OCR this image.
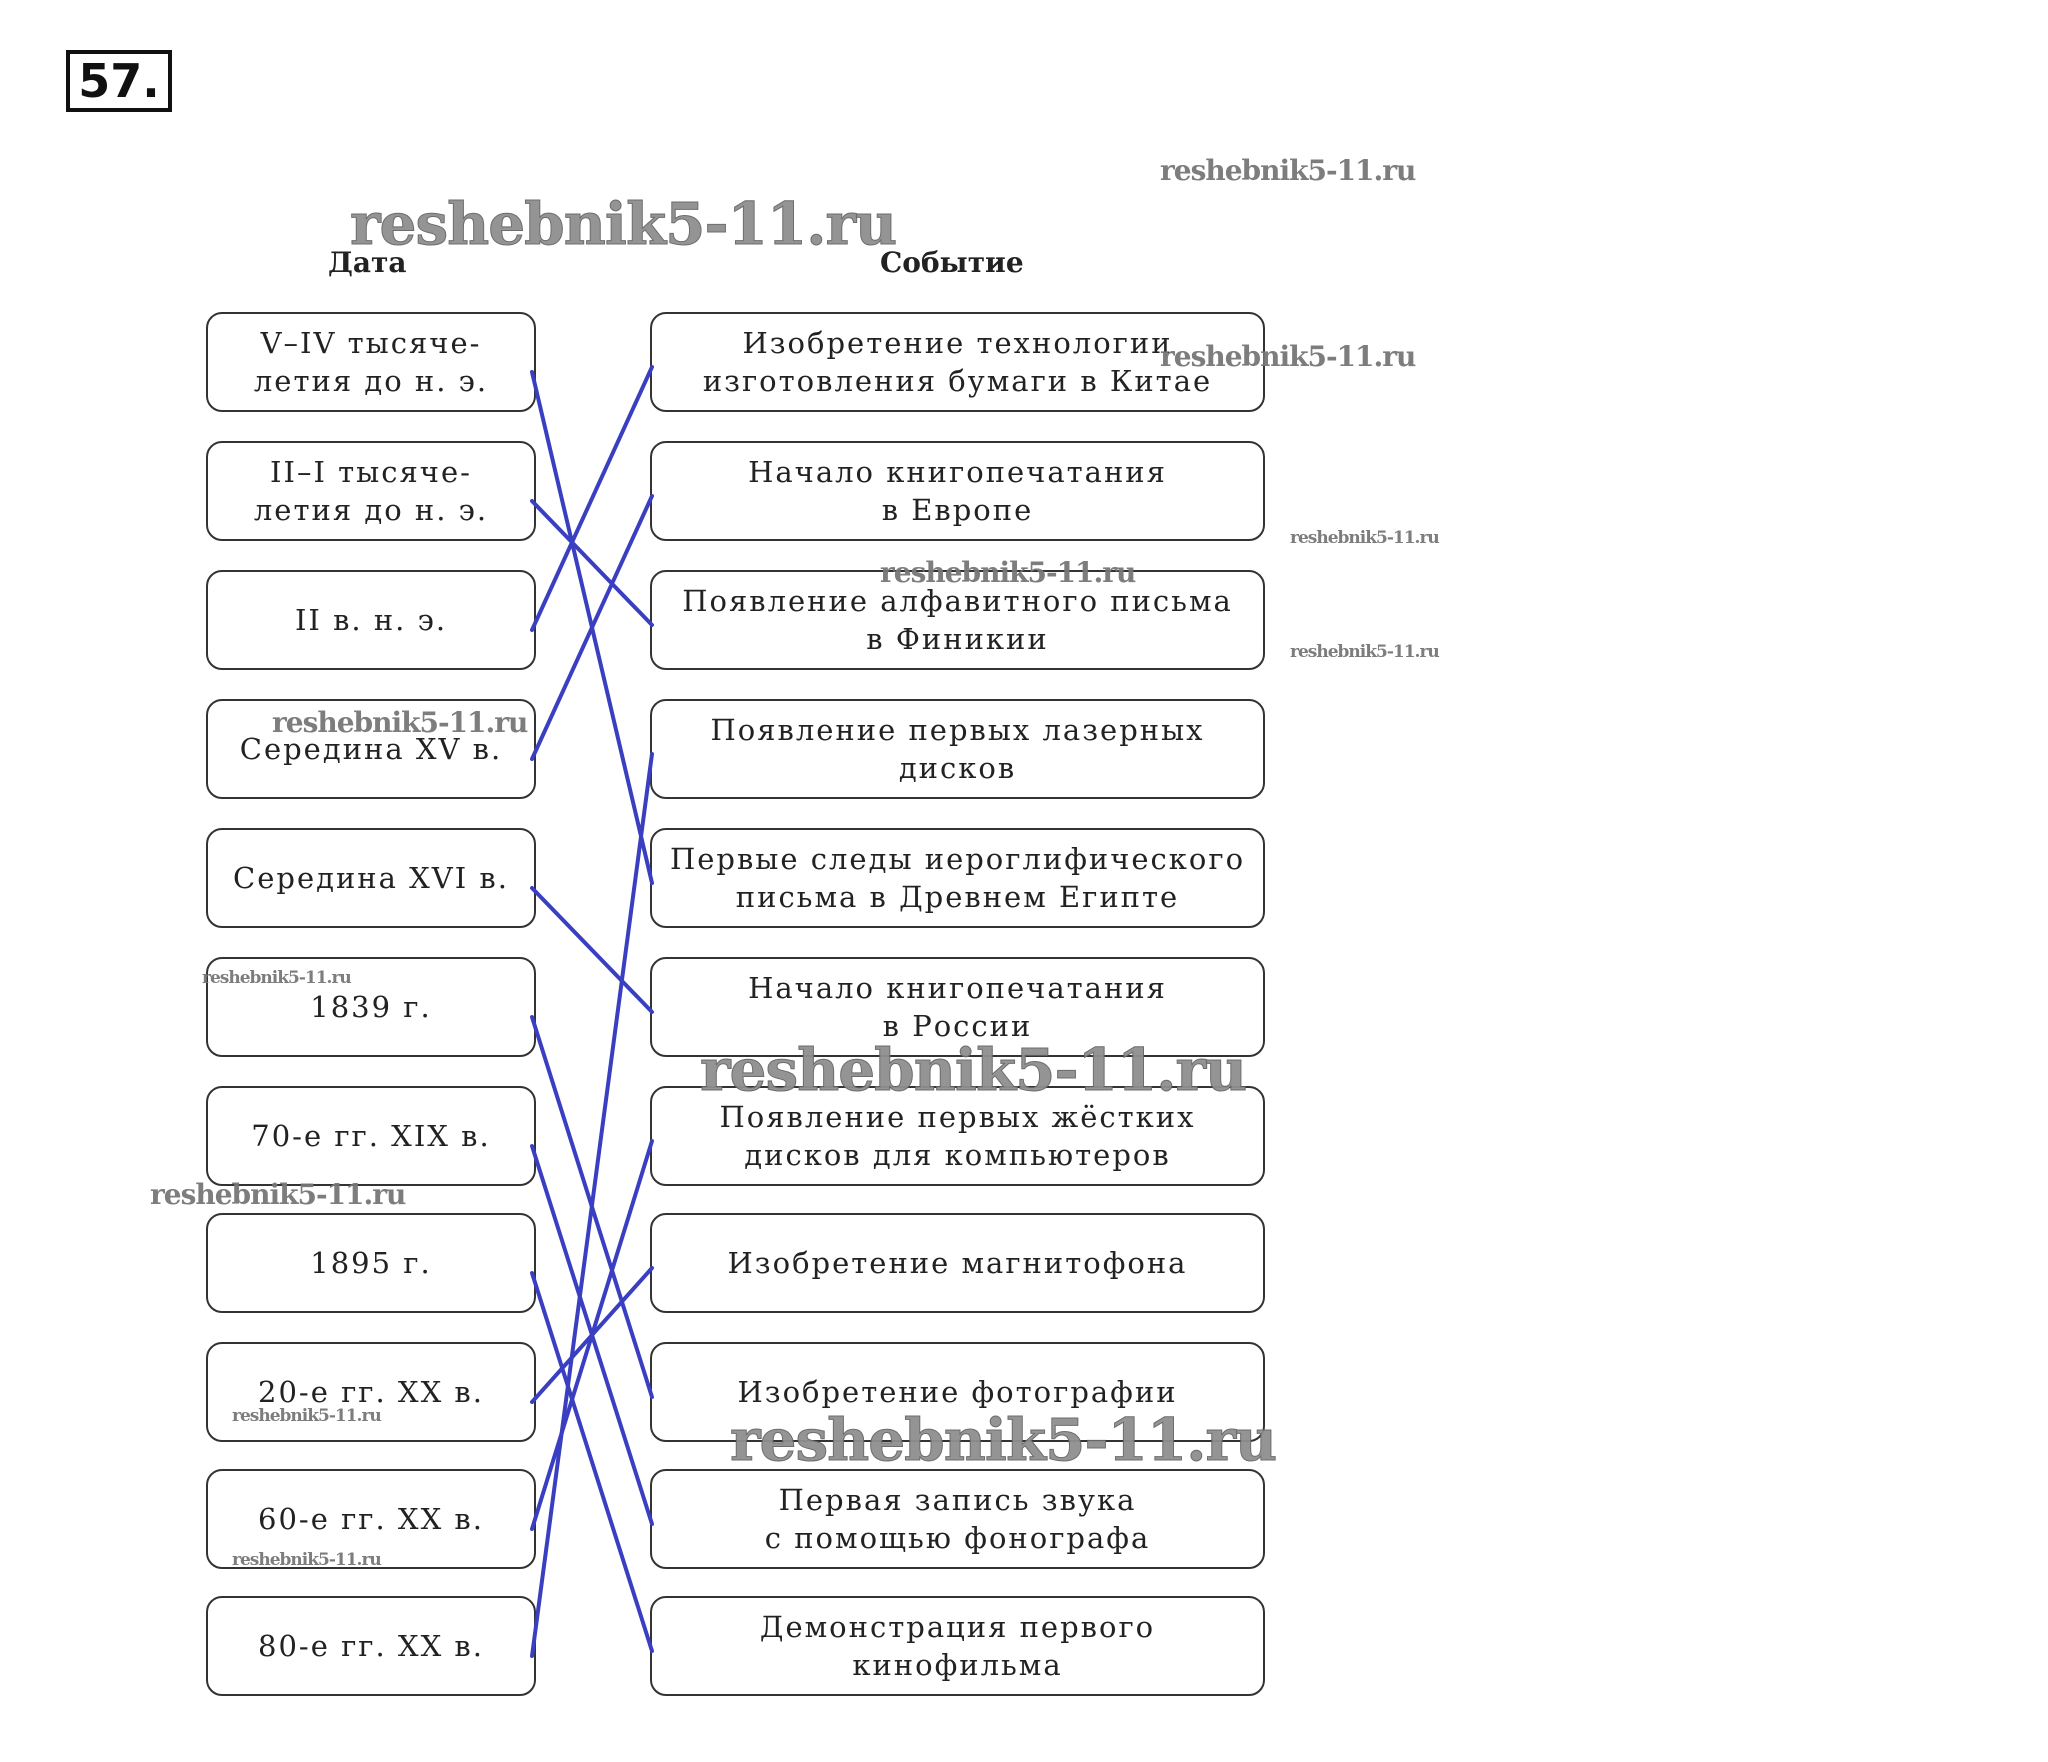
57.
Дата	Событие
V–IV тысяче-
летия до н. э.
II–I тысяче-
летия до н. э.
II в. н. э.
Середина XV в.
Середина XVI в.
1839 г.
70-е гг. XIX в.
1895 г.
20-е гг. XX в.
60-е гг. XX в.
80-е гг. XX в.
Изобретение технологии
изготовления бумаги в Китае
Начало книгопечатания
в Европе
Появление алфавитного письма
в Финикии
Появление первых лазерных
дисков
Первые следы иероглифического
письма в Древнем Египте
Начало книгопечатания
в России
Появление первых жёстких
дисков для компьютеров
Изобретение магнитофона
Изобретение фотографии
Первая запись звука
с помощью фонографа
Демонстрация первого
кинофильма
reshebnik5-11.ru
reshebnik5-11.ru
reshebnik5-11.ru
reshebnik5-11.ru
reshebnik5-11.ru
reshebnik5-11.ru
reshebnik5-11.ru
reshebnik5-11.ru
reshebnik5-11.ru
reshebnik5-11.ru
reshebnik5-11.ru	reshebnik5-11.ru
reshebnik5-11.ru
